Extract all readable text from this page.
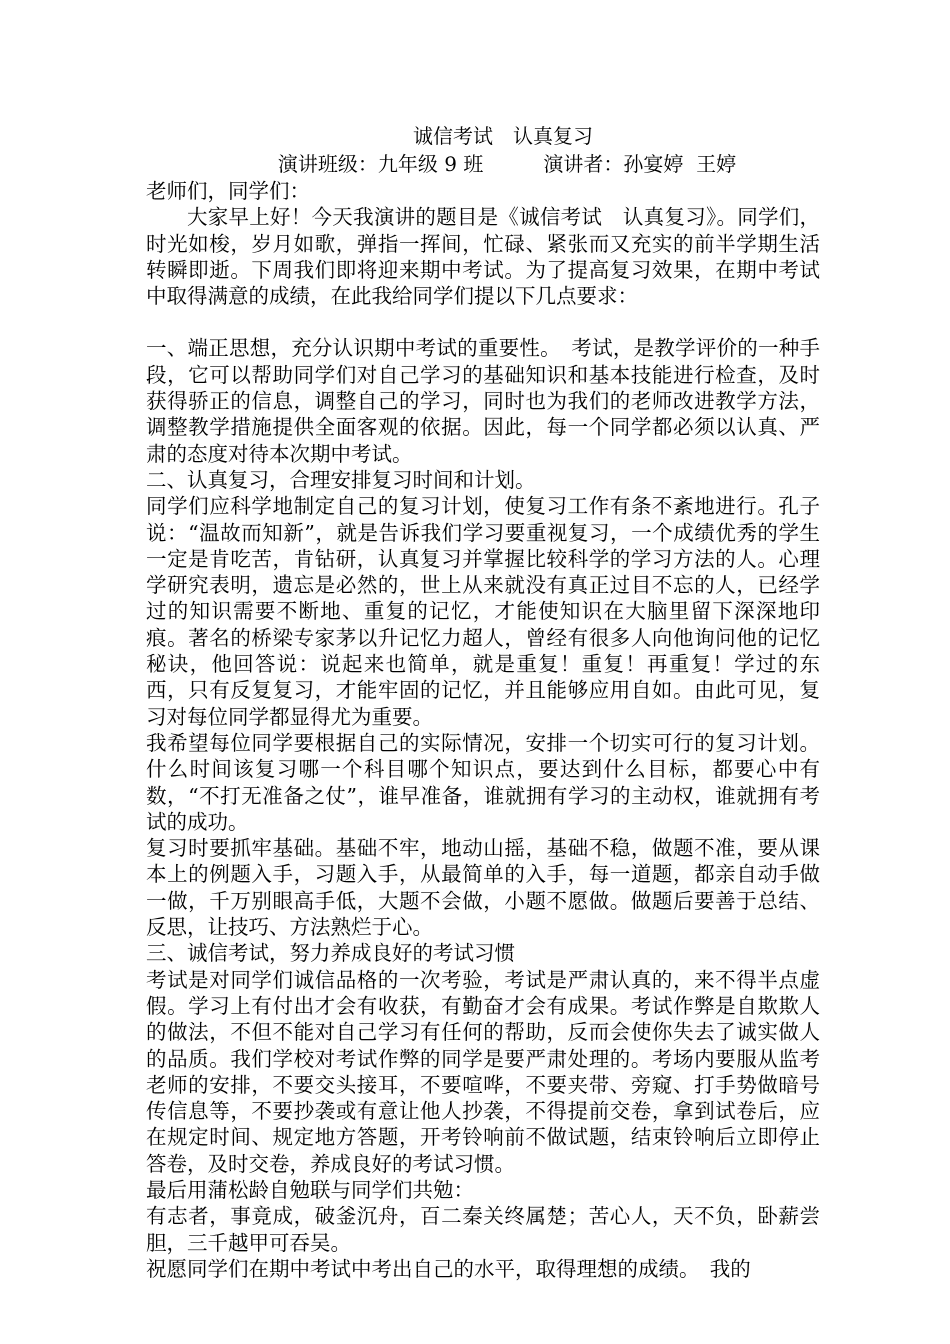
诚信考试　认真复习

演讲班级：九年级 9 班　　　演讲者：孙宴婷  王婷

老师们，同学们：

大家早上好！今天我演讲的题目是《诚信考试　认真复习》。同学们，时光如梭，岁月如歌，弹指一挥间，忙碌、紧张而又充实的前半学期生活转瞬即逝。下周我们即将迎来期中考试。为了提高复习效果，在期中考试中取得满意的成绩，在此我给同学们提以下几点要求：

一、端正思想，充分认识期中考试的重要性。　考试，是教学评价的一种手段，它可以帮助同学们对自己学习的基础知识和基本技能进行检查，及时获得骄正的信息，调整自己的学习，同时也为我们的老师改进教学方法，调整教学措施提供全面客观的依据。因此，每一个同学都必须以认真、严肃的态度对待本次期中考试。

二、认真复习，合理安排复习时间和计划。

同学们应科学地制定自己的复习计划，使复习工作有条不紊地进行。孔子说：“温故而知新”，就是告诉我们学习要重视复习，一个成绩优秀的学生一定是肯吃苦，肯钻研，认真复习并掌握比较科学的学习方法的人。心理学研究表明，遗忘是必然的，世上从来就没有真正过目不忘的人，已经学过的知识需要不断地、重复的记忆，才能使知识在大脑里留下深深地印痕。著名的桥梁专家茅以升记忆力超人，曾经有很多人向他询问他的记忆秘诀，他回答说：说起来也简单，就是重复！重复！再重复！学过的东西，只有反复复习，才能牢固的记忆，并且能够应用自如。由此可见，复习对每位同学都显得尤为重要。

我希望每位同学要根据自己的实际情况，安排一个切实可行的复习计划。什么时间该复习哪一个科目哪个知识点，要达到什么目标，都要心中有数，“不打无准备之仗”，谁早准备，谁就拥有学习的主动权，谁就拥有考试的成功。

复习时要抓牢基础。基础不牢，地动山摇，基础不稳，做题不准，要从课本上的例题入手，习题入手，从最简单的入手，每一道题，都亲自动手做一做，千万别眼高手低，大题不会做，小题不愿做。做题后要善于总结、反思，让技巧、方法熟烂于心。

三、诚信考试，努力养成良好的考试习惯

考试是对同学们诚信品格的一次考验，考试是严肃认真的，来不得半点虚假。学习上有付出才会有收获，有勤奋才会有成果。考试作弊是自欺欺人的做法，不但不能对自己学习有任何的帮助，反而会使你失去了诚实做人的品质。我们学校对考试作弊的同学是要严肃处理的。考场内要服从监考老师的安排，不要交头接耳，不要喧哗，不要夹带、旁窥、打手势做暗号传信息等，不要抄袭或有意让他人抄袭，不得提前交卷，拿到试卷后，应在规定时间、规定地方答题，开考铃响前不做试题，结束铃响后立即停止答卷，及时交卷，养成良好的考试习惯。

最后用蒲松龄自勉联与同学们共勉：

有志者，事竟成，破釜沉舟，百二秦关终属楚；苦心人，天不负，卧薪尝胆，三千越甲可吞吴。

祝愿同学们在期中考试中考出自己的水平，取得理想的成绩。　我的
